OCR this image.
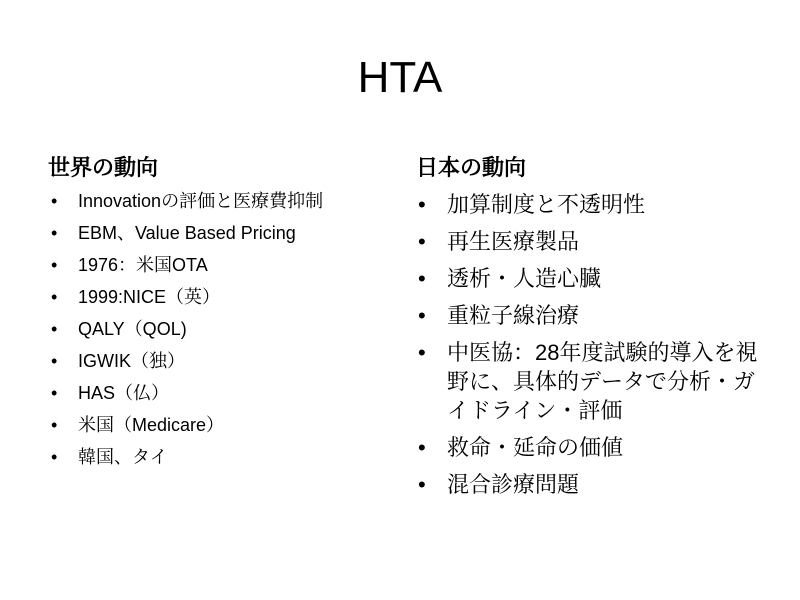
HTA
世界の動向
• Innovationの評価と医療費抑制
• EBM、Value Based Pricing
• 1976：米国OTA
• 1999:NICE（英）
• QALY（QOL)
• IGWIK（独）
• HAS（仏）
• 米国（Medicare）
• 韓国、タイ
日本の動向
• 加算制度と不透明性
• 再生医療製品
• 透析・人造心臓
• 重粒子線治療
• 中医協：28年度試験的導入を視野に、具体的データで分析・ガイドライン・評価
• 救命・延命の価値
• 混合診療問題
